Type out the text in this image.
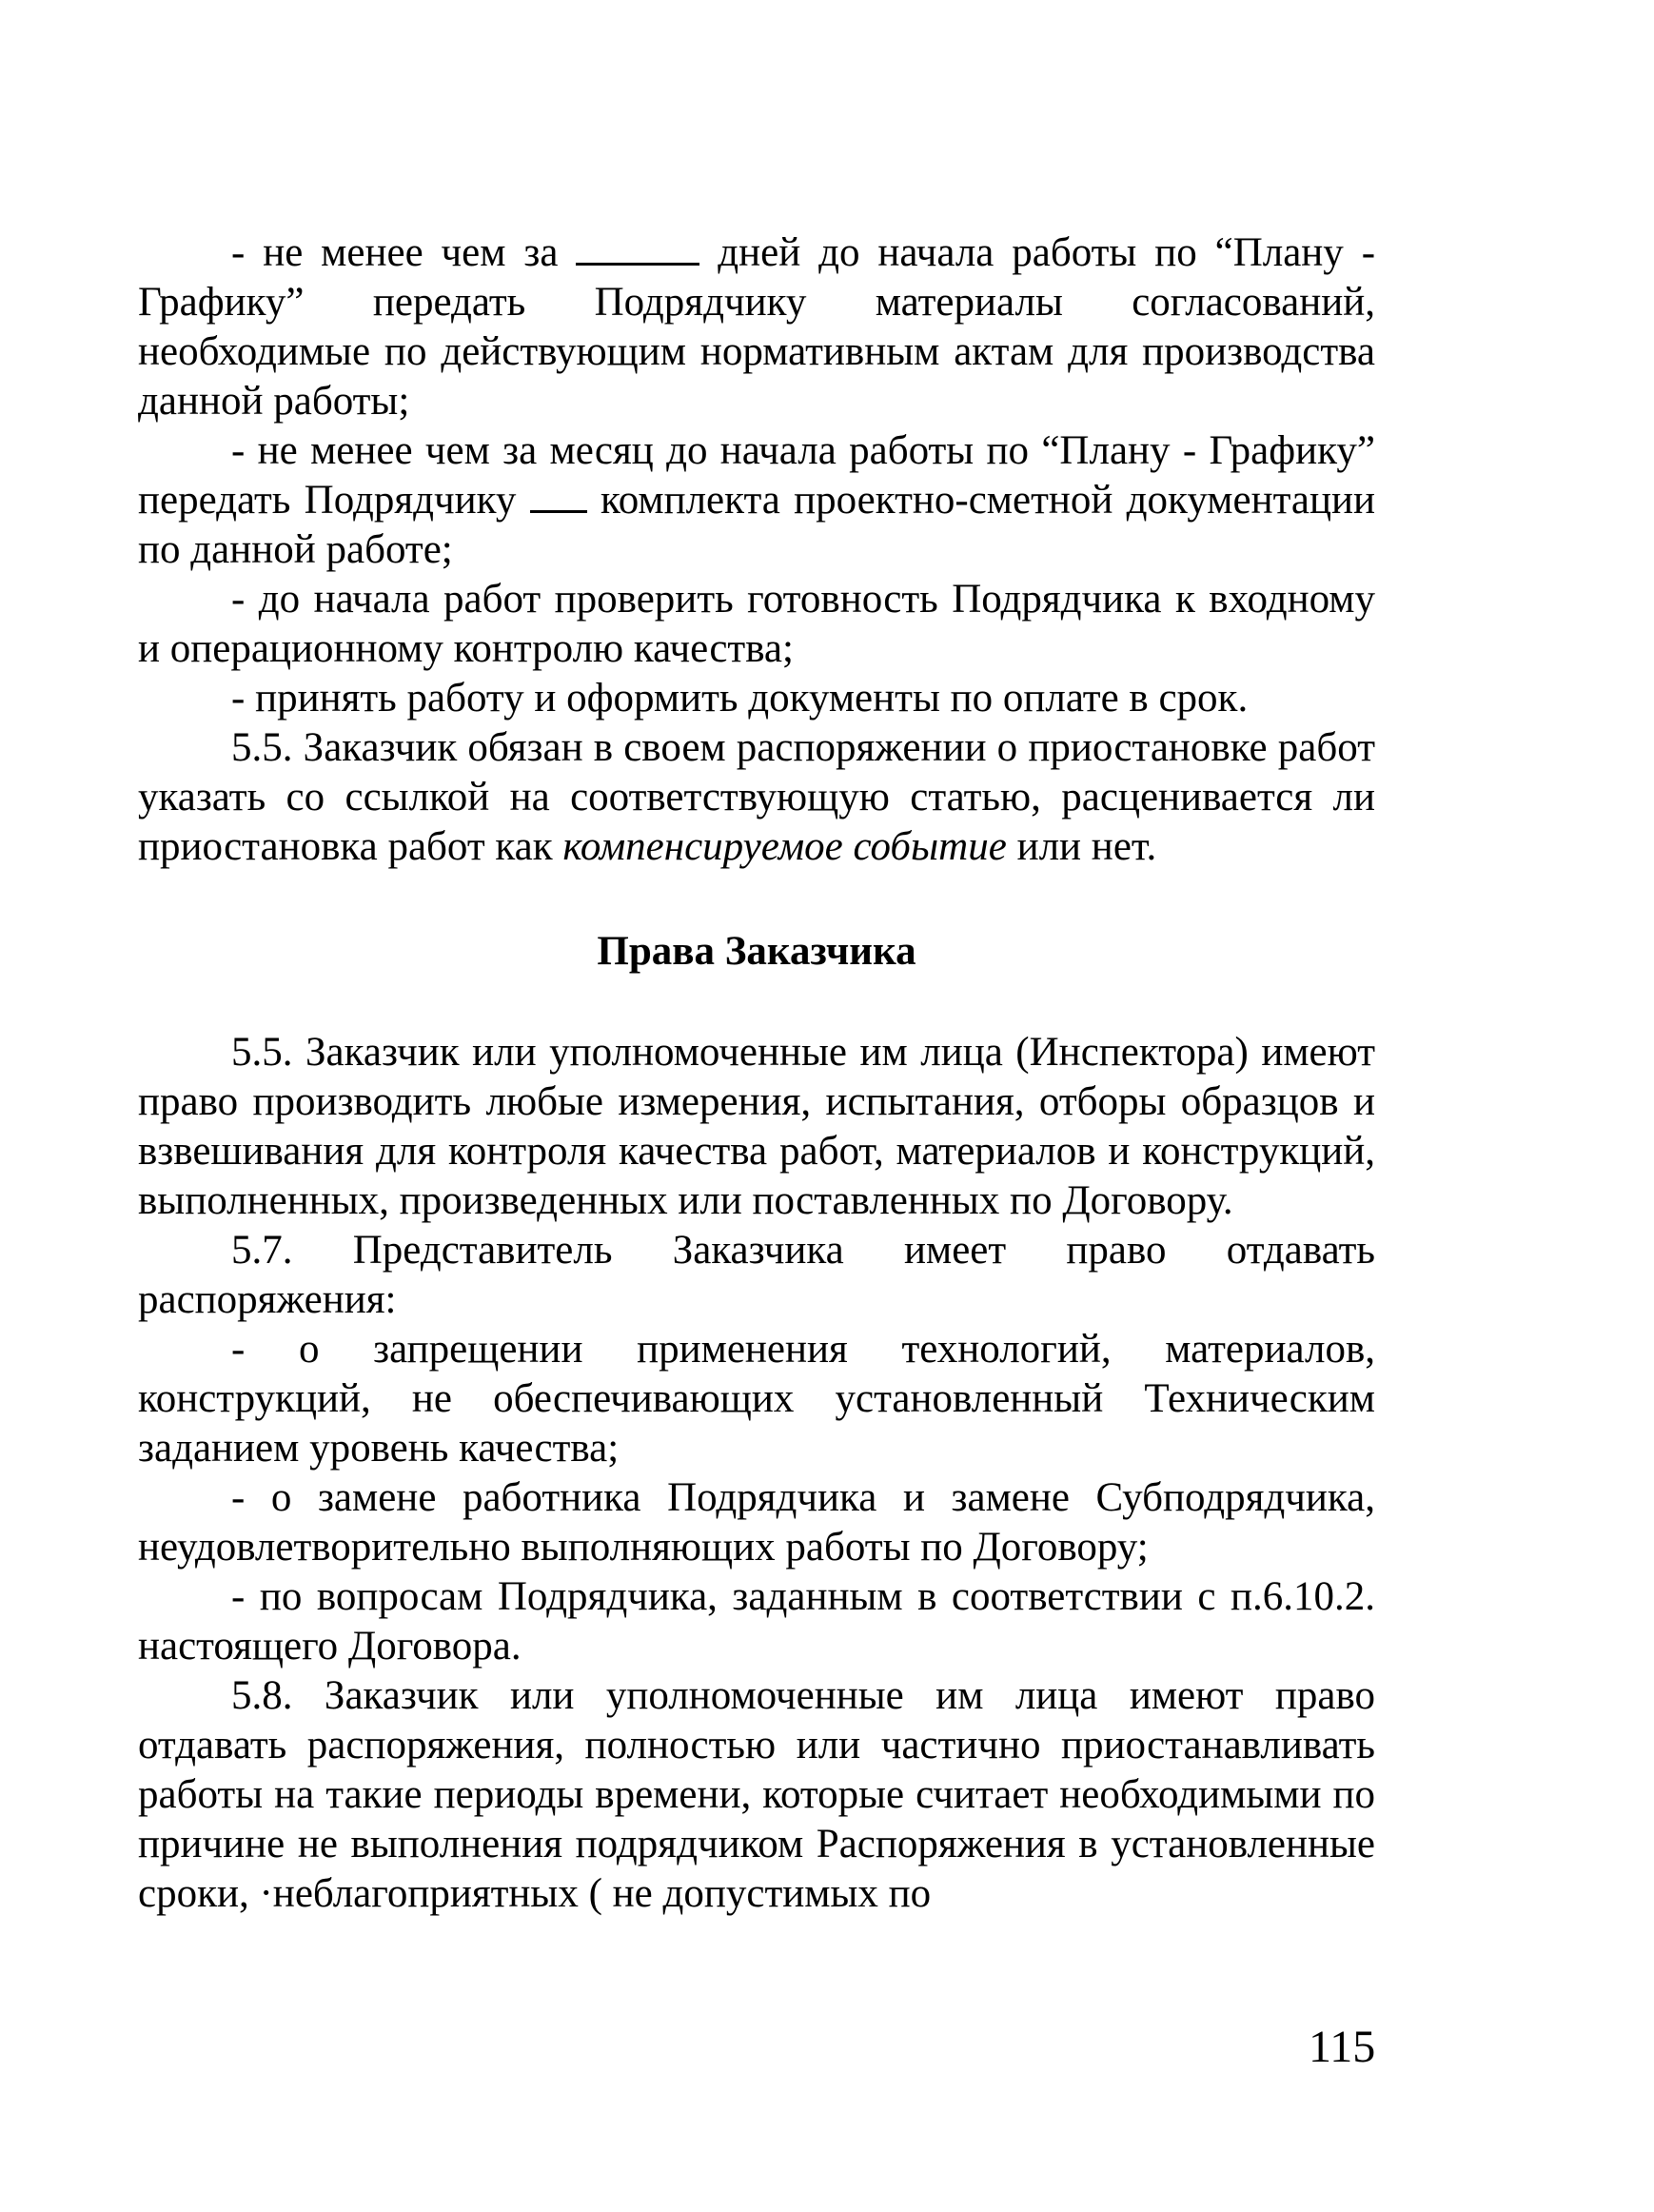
- не менее чем за	дней до начала работы по “Плану - Графику” передать Подрядчику материалы согласований, необходимые по действующим нормативным актам для производства данной работы;

- не менее чем за месяц до начала работы по “Плану - Графику” передать Подрядчику комплекта проектно-сметной документации по данной работе;

- до начала работ проверить готовность Подрядчика к входному и операционному контролю качества;

- принять работу и оформить документы по оплате в срок.

5.5. Заказчик обязан в своем распоряжении о приостановке работ указать со ссылкой на соответствующую статью, расценивается ли приостановка работ как компенсируемое событие или нет.

Права Заказчика

5.5. Заказчик или уполномоченные им лица (Инспектора) имеют право производить любые измерения, испытания, отборы образцов и взвешивания для контроля качества работ, материалов и конструкций, выполненных, произведенных или поставленных по Договору.

5.7. Представитель Заказчика имеет право отдавать распоряжения:

- о запрещении применения технологий, материалов, конструкций, не обеспечивающих установленный Техническим заданием уровень качества;

- о замене работника Подрядчика и замене Субподрядчика, неудовлетворительно выполняющих работы по Договору;

- по вопросам Подрядчика, заданным в соответствии с п.6.10.2. настоящего Договора.

5.8. Заказчик или уполномоченные им лица имеют право отдавать распоряжения, полностью или частично приостанавливать работы на такие периоды времени, которые считает необходимыми по причине не выполнения подрядчиком Распоряжения в установленные сроки, ·неблагоприятных ( не допустимых по

115
